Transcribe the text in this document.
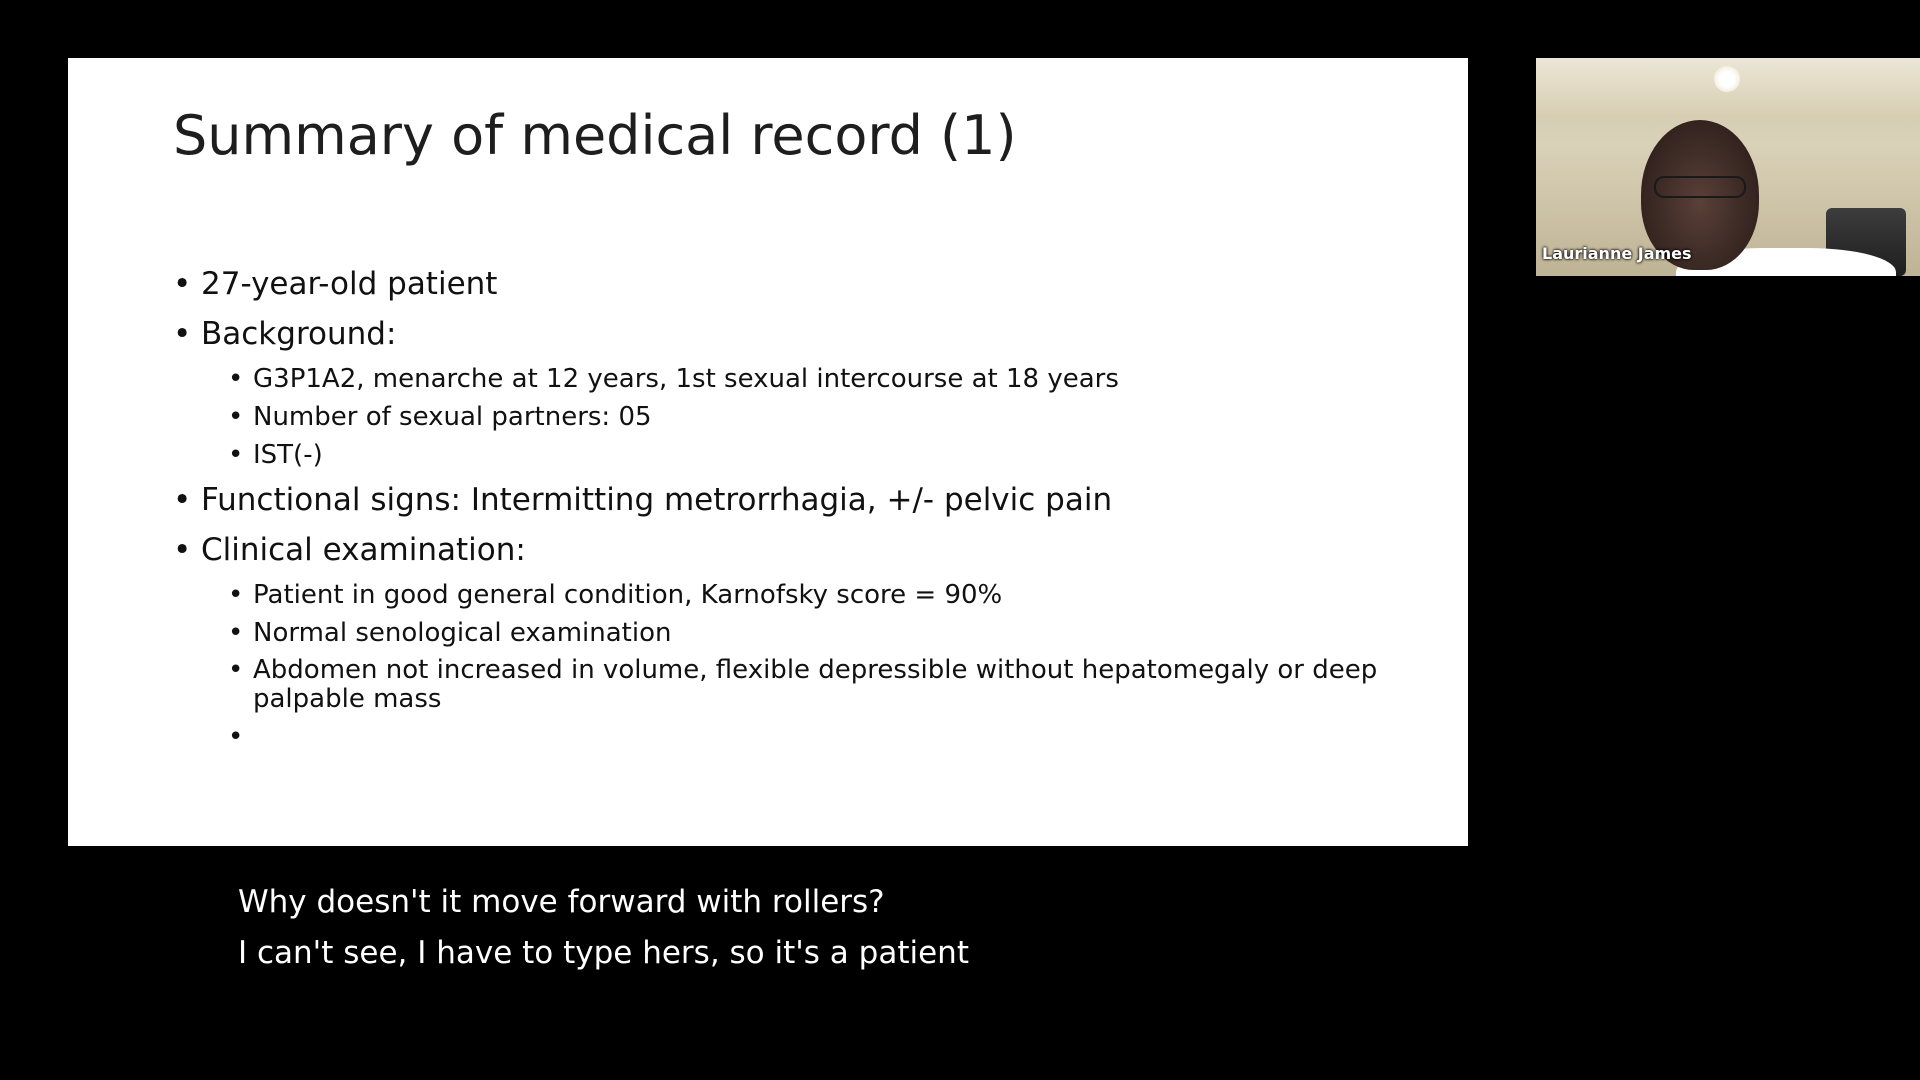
Summary of medical record (1)
• 27-year-old patient
• Background:
• G3P1A2, menarche at 12 years, 1st sexual intercourse at 18 years
• Number of sexual partners: 05
• IST(-)
• Functional signs: Intermitting metrorrhagia, +/- pelvic pain
• Clinical examination:
• Patient in good general condition, Karnofsky score = 90%
• Normal senological examination
• Abdomen not increased in volume, flexible depressible without hepatomegaly or deep palpable mass
•

Laurianne James
Why doesn't it move forward with rollers?
I can't see, I have to type hers, so it's a patient
